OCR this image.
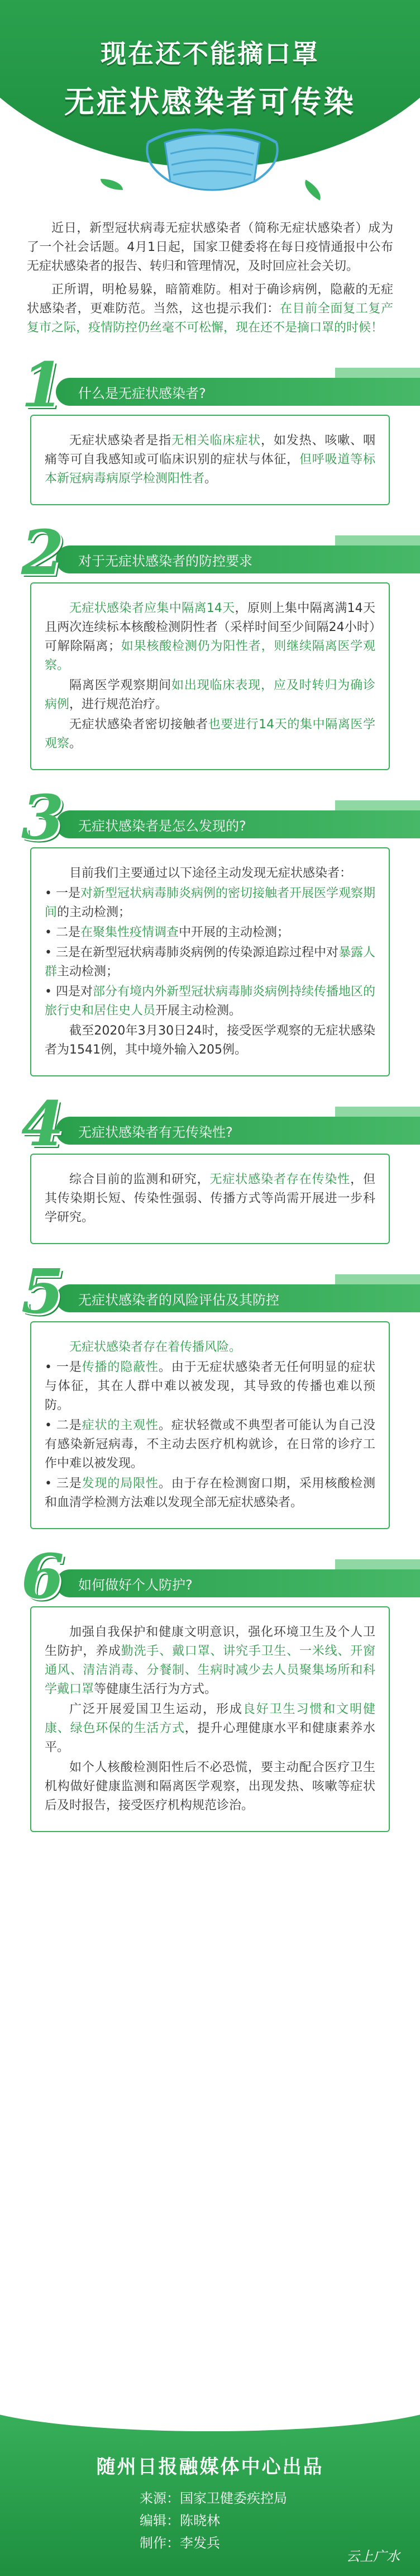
现在还不能摘口罩
无症状感染者可传染

近日，新型冠状病毒无症状感染者（简称无症状感染者）成为了一个社会话题。4月1日起，国家卫健委将在每日疫情通报中公布无症状感染者的报告、转归和管理情况，及时回应社会关切。

正所谓，明枪易躲，暗箭难防。相对于确诊病例，隐蔽的无症状感染者，更难防范。当然，这也提示我们：在目前全面复工复产复市之际，疫情防控仍丝毫不可松懈，现在还不是摘口罩的时候！

1 什么是无症状感染者?

无症状感染者是指无相关临床症状，如发热、咳嗽、咽痛等可自我感知或可临床识别的症状与体征，但呼吸道等标本新冠病毒病原学检测阳性者。

2 对于无症状感染者的防控要求

无症状感染者应集中隔离14天，原则上集中隔离满14天且两次连续标本核酸检测阴性者（采样时间至少间隔24小时）可解除隔离；如果核酸检测仍为阳性者，则继续隔离医学观察。

隔离医学观察期间如出现临床表现，应及时转归为确诊病例，进行规范治疗。

无症状感染者密切接触者也要进行14天的集中隔离医学观察。

3 无症状感染者是怎么发现的?

目前我们主要通过以下途径主动发现无症状感染者：

• 一是对新型冠状病毒肺炎病例的密切接触者开展医学观察期间的主动检测；

• 二是在聚集性疫情调查中开展的主动检测；

• 三是在新型冠状病毒肺炎病例的传染源追踪过程中对暴露人群主动检测；

• 四是对部分有境内外新型冠状病毒肺炎病例持续传播地区的旅行史和居住史人员开展主动检测。

截至2020年3月30日24时，接受医学观察的无症状感染者为1541例，其中境外输入205例。

4 无症状感染者有无传染性?

综合目前的监测和研究，无症状感染者存在传染性，但其传染期长短、传染性强弱、传播方式等尚需开展进一步科学研究。

5 无症状感染者的风险评估及其防控

无症状感染者存在着传播风险。

• 一是传播的隐蔽性。由于无症状感染者无任何明显的症状与体征，其在人群中难以被发现，其导致的传播也难以预防。

• 二是症状的主观性。症状轻微或不典型者可能认为自己没有感染新冠病毒，不主动去医疗机构就诊，在日常的诊疗工作中难以被发现。

• 三是发现的局限性。由于存在检测窗口期，采用核酸检测和血清学检测方法难以发现全部无症状感染者。

6 如何做好个人防护?

加强自我保护和健康文明意识，强化环境卫生及个人卫生防护，养成勤洗手、戴口罩、讲究手卫生、一米线、开窗通风、清洁消毒、分餐制、生病时减少去人员聚集场所和科学戴口罩等健康生活行为方式。

广泛开展爱国卫生运动，形成良好卫生习惯和文明健康、绿色环保的生活方式，提升心理健康水平和健康素养水平。

如个人核酸检测阳性后不必恐慌，要主动配合医疗卫生机构做好健康监测和隔离医学观察，出现发热、咳嗽等症状后及时报告，接受医疗机构规范诊治。

随州日报融媒体中心出品
来源：国家卫健委疾控局
编辑：陈晓林
制作：李发兵
云上广水
